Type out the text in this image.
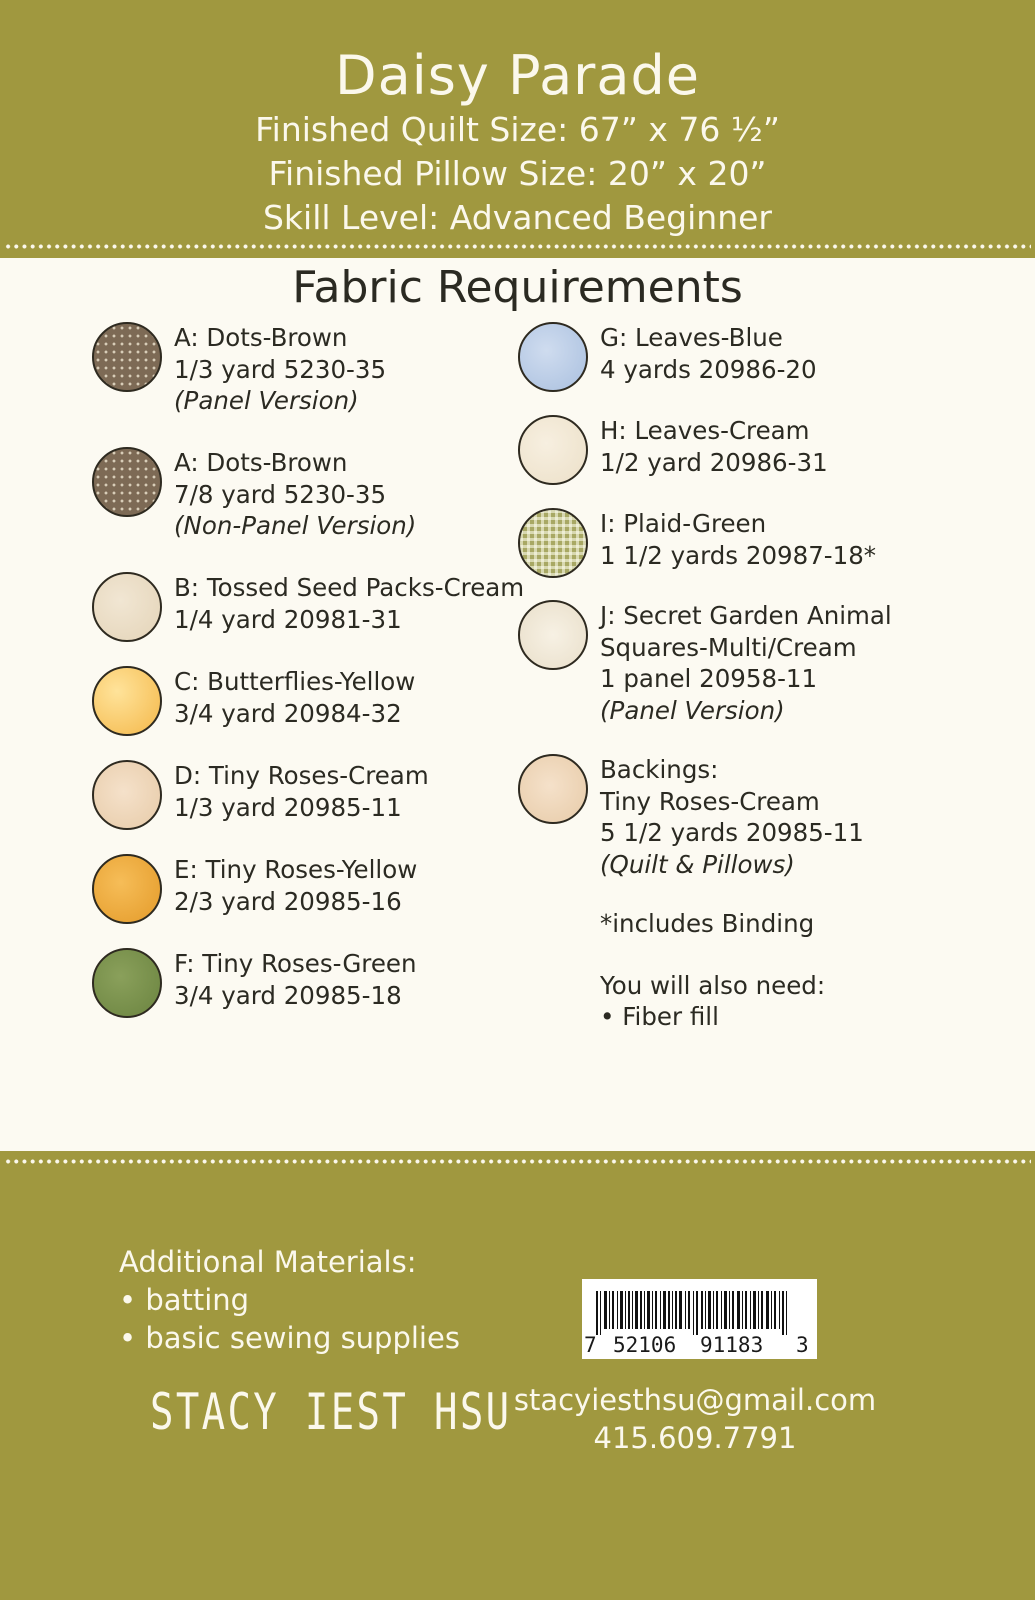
Daisy Parade
Finished Quilt Size: 67” x 76 ½”
Finished Pillow Size: 20” x 20”
Skill Level: Advanced Beginner
Fabric Requirements
A: Dots-Brown
1/3 yard 5230-35
(Panel Version)
A: Dots-Brown
7/8 yard 5230-35
(Non-Panel Version)
B: Tossed Seed Packs-Cream
1/4 yard 20981-31
C: Butterflies-Yellow
3/4 yard 20984-32
D: Tiny Roses-Cream
1/3 yard 20985-11
E: Tiny Roses-Yellow
2/3 yard 20985-16
F: Tiny Roses-Green
3/4 yard 20985-18
G: Leaves-Blue
4 yards 20986-20
H: Leaves-Cream
1/2 yard 20986-31
I: Plaid-Green
1 1/2 yards 20987-18*
J: Secret Garden Animal
Squares-Multi/Cream
1 panel 20958-11
(Panel Version)
Backings:
Tiny Roses-Cream
5 1/2 yards 20985-11
(Quilt & Pillows)
*includes Binding
You will also need:
• Fiber fill
Additional Materials:
• batting
• basic sewing supplies
STACY IEST HSU
7 52106 91183 3
stacyiesthsu@gmail.com
415.609.7791
